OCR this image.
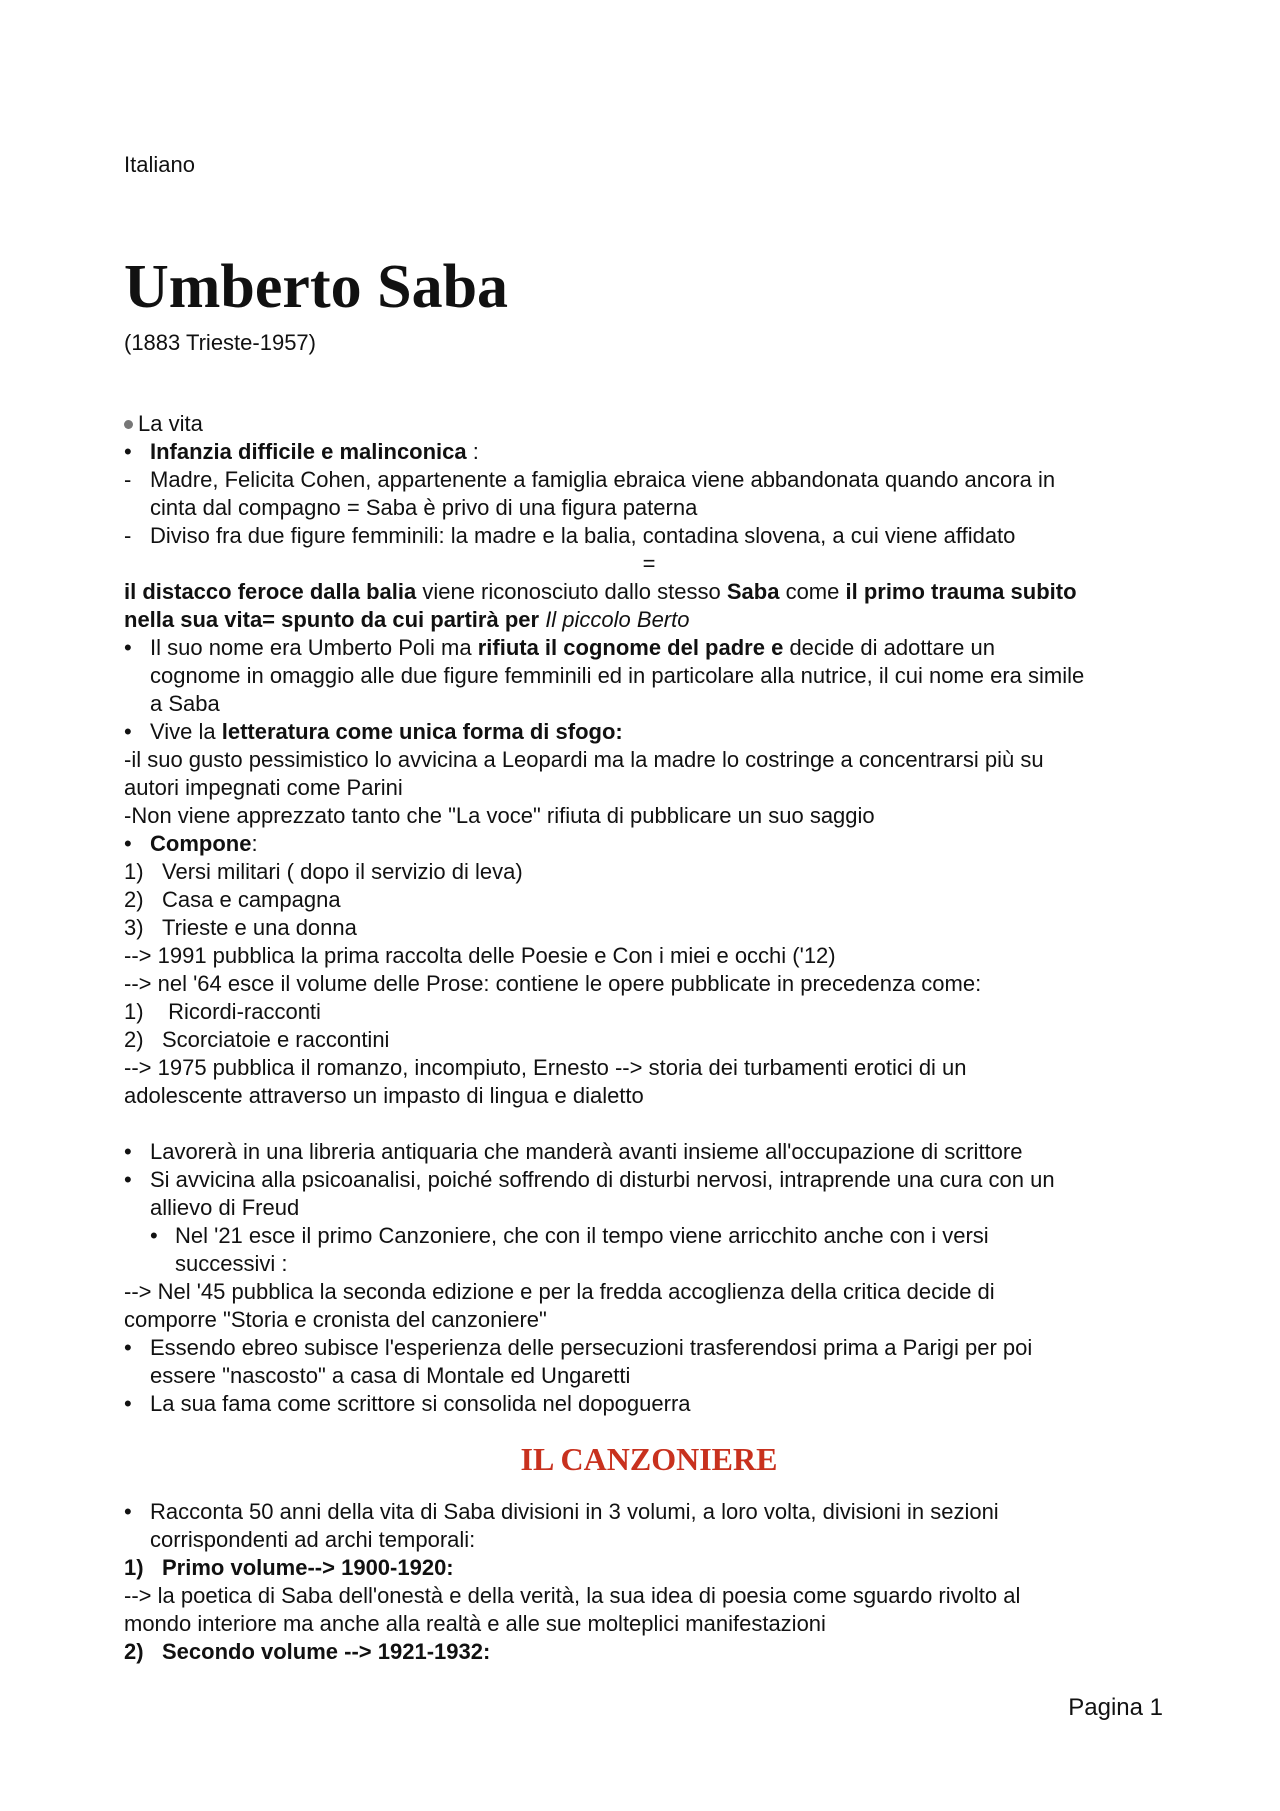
Italiano
Umberto Saba
(1883 Trieste-1957)
La vita
• Infanzia difficile e malinconica :
- Madre, Felicita Cohen, appartenente a famiglia ebraica viene abbandonata quando ancora in
cinta dal compagno = Saba è privo di una figura paterna
- Diviso fra due figure femminili: la madre e la balia, contadina slovena, a cui viene affidato
=
il distacco feroce dalla balia viene riconosciuto dallo stesso Saba come il primo trauma subito
nella sua vita= spunto da cui partirà per Il piccolo Berto
• Il suo nome era Umberto Poli ma rifiuta il cognome del padre e decide di adottare un
cognome in omaggio alle due figure femminili ed in particolare alla nutrice, il cui nome era simile
a Saba
• Vive la letteratura come unica forma di sfogo:
-il suo gusto pessimistico lo avvicina a Leopardi ma la madre lo costringe a concentrarsi più su
autori impegnati come Parini
-Non viene apprezzato tanto che "La voce" rifiuta di pubblicare un suo saggio
• Compone:
1) Versi militari ( dopo il servizio di leva)
2) Casa e campagna
3) Trieste e una donna
--> 1991 pubblica la prima raccolta delle Poesie e Con i miei e occhi ('12)
--> nel '64 esce il volume delle Prose: contiene le opere pubblicate in precedenza come:
1) Ricordi-racconti
2) Scorciatoie e raccontini
--> 1975 pubblica il romanzo, incompiuto, Ernesto --> storia dei turbamenti erotici di un
adolescente attraverso un impasto di lingua e dialetto
• Lavorerà in una libreria antiquaria che manderà avanti insieme all'occupazione di scrittore
• Si avvicina alla psicoanalisi, poiché soffrendo di disturbi nervosi, intraprende una cura con un
allievo di Freud
• Nel '21 esce il primo Canzoniere, che con il tempo viene arricchito anche con i versi
successivi :
--> Nel '45 pubblica la seconda edizione e per la fredda accoglienza della critica decide di
comporre "Storia e cronista del canzoniere"
• Essendo ebreo subisce l'esperienza delle persecuzioni trasferendosi prima a Parigi per poi
essere "nascosto" a casa di Montale ed Ungaretti
• La sua fama come scrittore si consolida nel dopoguerra
IL CANZONIERE
• Racconta 50 anni della vita di Saba divisioni in 3 volumi, a loro volta, divisioni in sezioni
corrispondenti ad archi temporali:
1) Primo volume--> 1900-1920:
--> la poetica di Saba dell'onestà e della verità, la sua idea di poesia come sguardo rivolto al
mondo interiore ma anche alla realtà e alle sue molteplici manifestazioni
2) Secondo volume --> 1921-1932:
Pagina 1
